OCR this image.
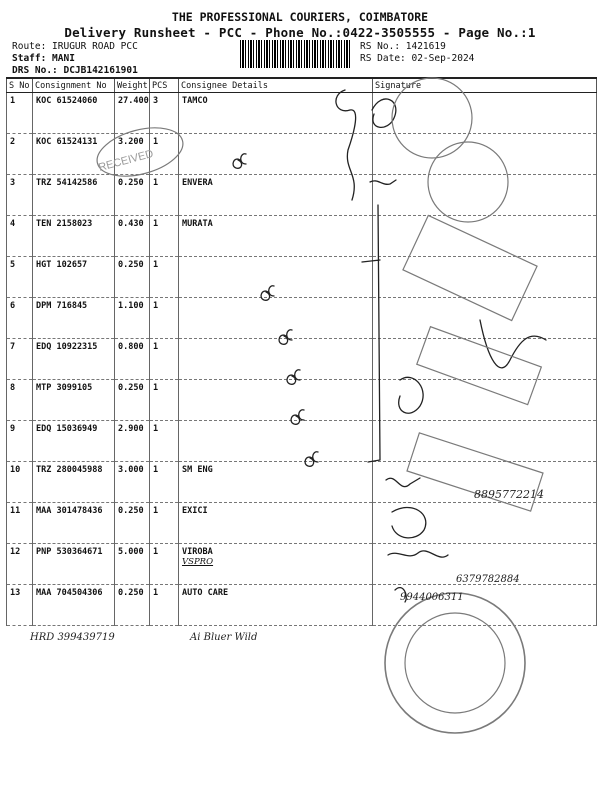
THE PROFESSIONAL COURIERS, COIMBATORE
Delivery Runsheet - PCC - Phone No.:0422-3505555 - Page No.:1
Route: IRUGUR ROAD PCC
Staff: MANI
DRS No.: DCJB142161901
RS No.: 1421619
RS Date: 02-Sep-2024
S No	Consignment No	Weight	PCS	Consignee Details	Signature
1	KOC 61524060	27.400	3	TAMCO	
2	KOC 61524131	3.200	1		
3	TRZ 54142586	0.250	1	ENVERA	
4	TEN 2158023	0.430	1	MURATA	
5	HGT 102657	0.250	1		
6	DPM 716845	1.100	1		
7	EDQ 10922315	0.800	1		
8	MTP 3099105	0.250	1		
9	EDQ 15036949	2.900	1		
10	TRZ 280045988	3.000	1	SM ENG	
11	MAA 301478436	0.250	1	EXICI	
12	PNP 530364671	5.000	1	VIROBA
VSPRO	
13	MAA 704504306	0.250	1	AUTO CARE	
RECEIVED
HRD 399439719	Ai Bluer Wild
8895772214
6379782884
9944006311
